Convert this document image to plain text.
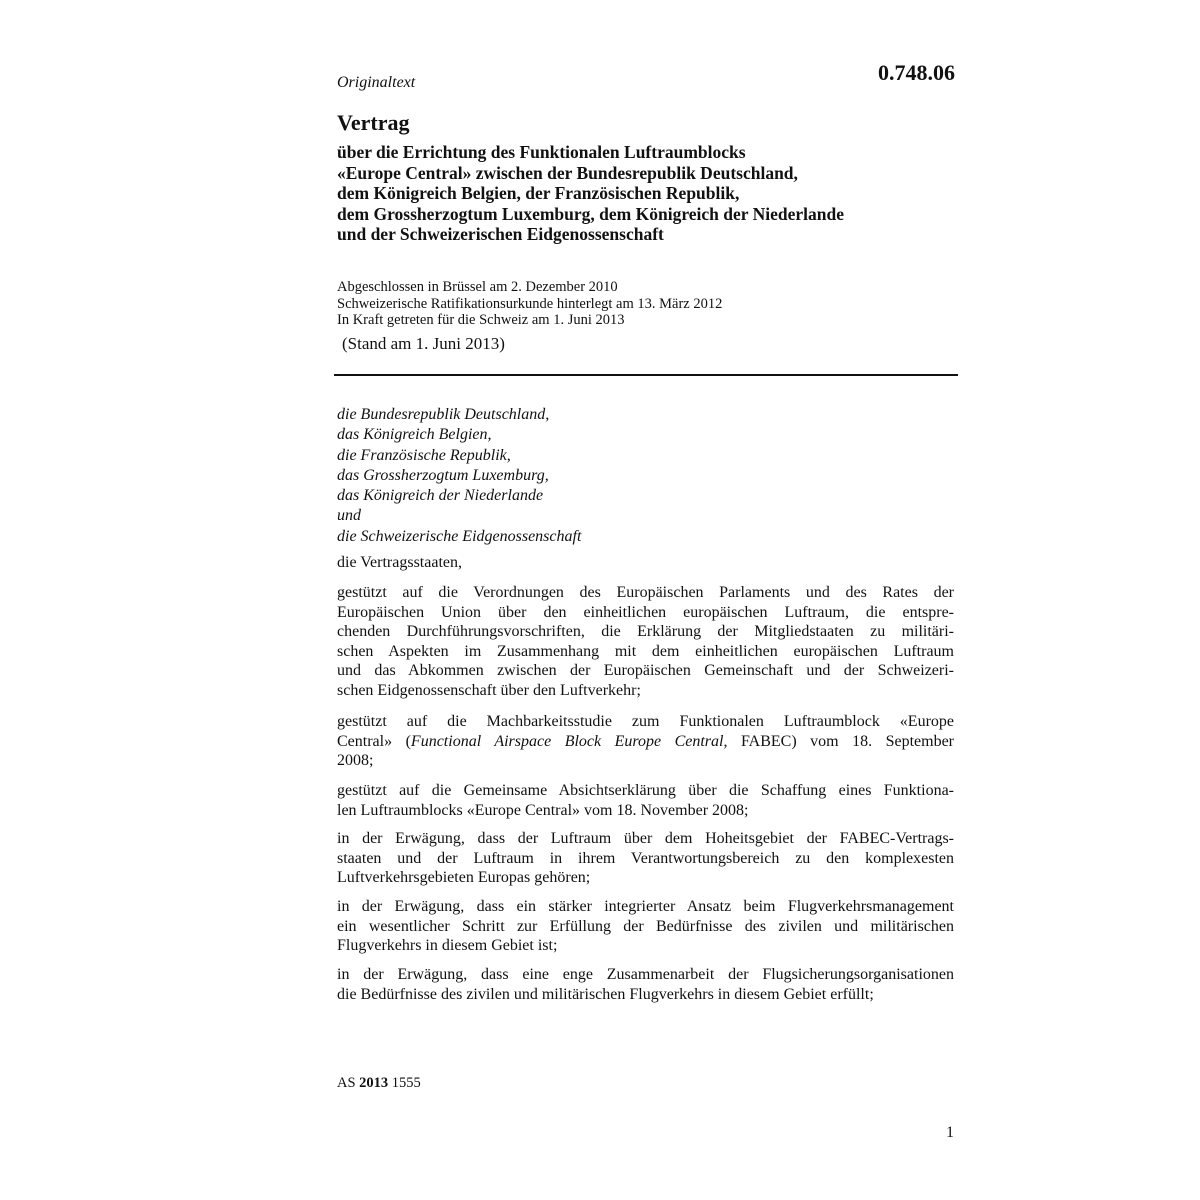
Originaltext	0.748.06
Vertrag
über die Errichtung des Funktionalen Luftraumblocks
«Europe Central» zwischen der Bundesrepublik Deutschland,
dem Königreich Belgien, der Französischen Republik,
dem Grossherzogtum Luxemburg, dem Königreich der Niederlande
und der Schweizerischen Eidgenossenschaft
Abgeschlossen in Brüssel am 2. Dezember 2010
Schweizerische Ratifikationsurkunde hinterlegt am 13. März 2012
In Kraft getreten für die Schweiz am 1. Juni 2013
(Stand am 1. Juni 2013)
die Bundesrepublik Deutschland,
das Königreich Belgien,
die Französische Republik,
das Grossherzogtum Luxemburg,
das Königreich der Niederlande
und
die Schweizerische Eidgenossenschaft
die Vertragsstaaten,
gestützt auf die Verordnungen des Europäischen Parlaments und des Rates der
Europäischen Union über den einheitlichen europäischen Luftraum, die entspre-
chenden Durchführungsvorschriften, die Erklärung der Mitgliedstaaten zu militäri-
schen Aspekten im Zusammenhang mit dem einheitlichen europäischen Luftraum
und das Abkommen zwischen der Europäischen Gemeinschaft und der Schweizeri-
schen Eidgenossenschaft über den Luftverkehr;
gestützt auf die Machbarkeitsstudie zum Funktionalen Luftraumblock «Europe
Central» (Functional Airspace Block Europe Central, FABEC) vom 18. September
2008;
gestützt auf die Gemeinsame Absichtserklärung über die Schaffung eines Funktiona-
len Luftraumblocks «Europe Central» vom 18. November 2008;
in der Erwägung, dass der Luftraum über dem Hoheitsgebiet der FABEC-Vertrags-
staaten und der Luftraum in ihrem Verantwortungsbereich zu den komplexesten
Luftverkehrsgebieten Europas gehören;
in der Erwägung, dass ein stärker integrierter Ansatz beim Flugverkehrsmanagement
ein wesentlicher Schritt zur Erfüllung der Bedürfnisse des zivilen und militärischen
Flugverkehrs in diesem Gebiet ist;
in der Erwägung, dass eine enge Zusammenarbeit der Flugsicherungsorganisationen
die Bedürfnisse des zivilen und militärischen Flugverkehrs in diesem Gebiet erfüllt;
AS 2013 1555
1
